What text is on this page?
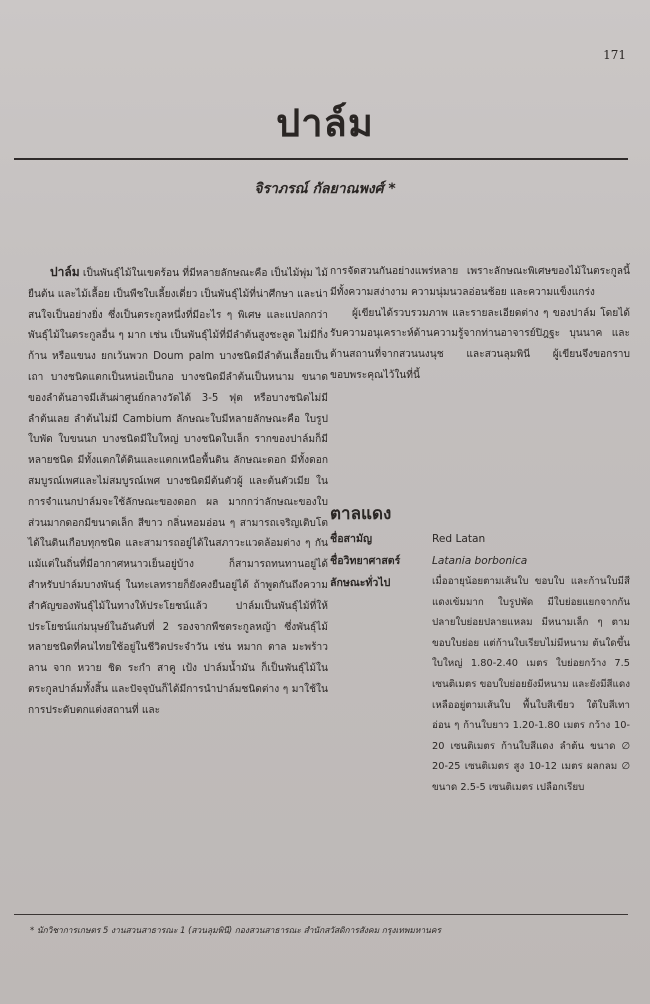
171
ปาล์ม
จิราภรณ์ กัลยาณพงศ์ *

ปาล์ม เป็นพันธุ์ไม้ในเขตร้อน ที่มีหลายลักษณะคือ เป็นไม้พุ่ม ไม้ยืนต้น และไม้เลื้อย เป็นพืชใบเลี้ยงเดี่ยว เป็นพันธุ์ไม้ที่น่าศึกษา และน่าสนใจเป็นอย่างยิ่ง ซึ่งเป็นตระกูลหนึ่งที่มีอะไร ๆ พิเศษ และแปลกกว่าพันธุ์ไม้ในตระกูลอื่น ๆ มาก เช่น เป็นพันธุ์ไม้ที่มีลำต้นสูงชะลูด ไม่มีกิ่งก้าน หรือแขนง ยกเว้นพวก Doum palm บางชนิดมีลำต้นเลื้อยเป็นเถา บางชนิดแตกเป็นหน่อเป็นกอ บางชนิดมีลำต้นเป็นหนาม ขนาดของลำต้นอาจมีเส้นผ่าศูนย์กลางวัดได้ 3-5 ฟุต หรือบางชนิดไม่มีลำต้นเลย ลำต้นไม่มี Cambium ลักษณะใบมีหลายลักษณะคือ ใบรูปใบพัด ใบขนนก บางชนิดมีใบใหญ่ บางชนิดใบเล็ก รากของปาล์มก็มีหลายชนิด มีทั้งแตกใต้ดินและแตกเหนือพื้นดิน ลักษณะดอก มีทั้งดอกสมบูรณ์เพศและไม่สมบูรณ์เพศ บางชนิดมีต้นตัวผู้ และต้นตัวเมีย ในการจำแนกปาล์มจะใช้ลักษณะของดอก ผล มากกว่าลักษณะของใบ ส่วนมากดอกมีขนาดเล็ก สีขาว กลิ่นหอมอ่อน ๆ สามารถเจริญเติบโตได้ในดินเกือบทุกชนิด และสามารถอยู่ได้ในสภาวะแวดล้อมต่าง ๆ กัน แม้แต่ในถิ่นที่มีอากาศหนาวเย็นอยู่บ้าง ก็สามารถทนทานอยู่ได้ สำหรับปาล์มบางพันธุ์ ในทะเลทรายก็ยังคงยืนอยู่ได้ ถ้าพูดกันถึงความสำคัญของพันธุ์ไม้ในทางให้ประโยชน์แล้ว ปาล์มเป็นพันธุ์ไม้ที่ให้ประโยชน์แก่มนุษย์ในอันดับที่ 2 รองจากพืชตระกูลหญ้า ซึ่งพันธุ์ไม้หลายชนิดที่คนไทยใช้อยู่ในชีวิตประจำวัน เช่น หมาก ตาล มะพร้าว ลาน จาก หวาย ชิด ระกำ สาคู เป้ง ปาล์มน้ำมัน ก็เป็นพันธุ์ไม้ในตระกูลปาล์มทั้งสิ้น และปัจจุบันก็ได้มีการนำปาล์มชนิดต่าง ๆ มาใช้ในการประดับตกแต่งสถานที่ และ

การจัดสวนกันอย่างแพร่หลาย เพราะลักษณะพิเศษของไม้ในตระกูลนี้ มีทั้งความสง่างาม ความนุ่มนวลอ่อนช้อย และความแข็งแกร่ง

ผู้เขียนได้รวบรวมภาพ และรายละเอียดต่าง ๆ ของปาล์ม โดยได้รับความอนุเคราะห์ด้านความรู้จากท่านอาจารย์ปิฎฐะ บุนนาค และด้านสถานที่จากสวนนงนุช และสวนลุมพินี ผู้เขียนจึงขอกราบขอบพระคุณไว้ในที่นี้

ตาลแดง
ชื่อสามัญ	Red Latan
ชื่อวิทยาศาสตร์	Latania borbonica
ลักษณะทั่วไป	เมื่ออายุน้อยตามเส้นใบ ขอบใบ และก้านใบมีสีแดงเข้มมาก ใบรูปพัด มีใบย่อยแยกจากกัน ปลายใบย่อยปลายแหลม มีหนามเล็ก ๆ ตามขอบใบย่อย แต่ก้านใบเรียบไม่มีหนาม ต้นใดขึ้นใบใหญ่ 1.80-2.40 เมตร ใบย่อยกว้าง 7.5 เซนติเมตร ขอบใบย่อยยังมีหนาม และยังมีสีแดงเหลืออยู่ตามเส้นใบ พื้นใบสีเขียว ใต้ใบสีเทาอ่อน ๆ ก้านใบยาว 1.20-1.80 เมตร กว้าง 10-20 เซนติเมตร ก้านใบสีแดง ลำต้น ขนาด ∅ 20-25 เซนติเมตร สูง 10-12 เมตร ผลกลม ∅ ขนาด 2.5-5 เซนติเมตร เปลือกเรียบ
* นักวิชาการเกษตร 5 งานสวนสาธารณะ 1 (สวนลุมพินี) กองสวนสาธารณะ สำนักสวัสดิการสังคม กรุงเทพมหานคร
